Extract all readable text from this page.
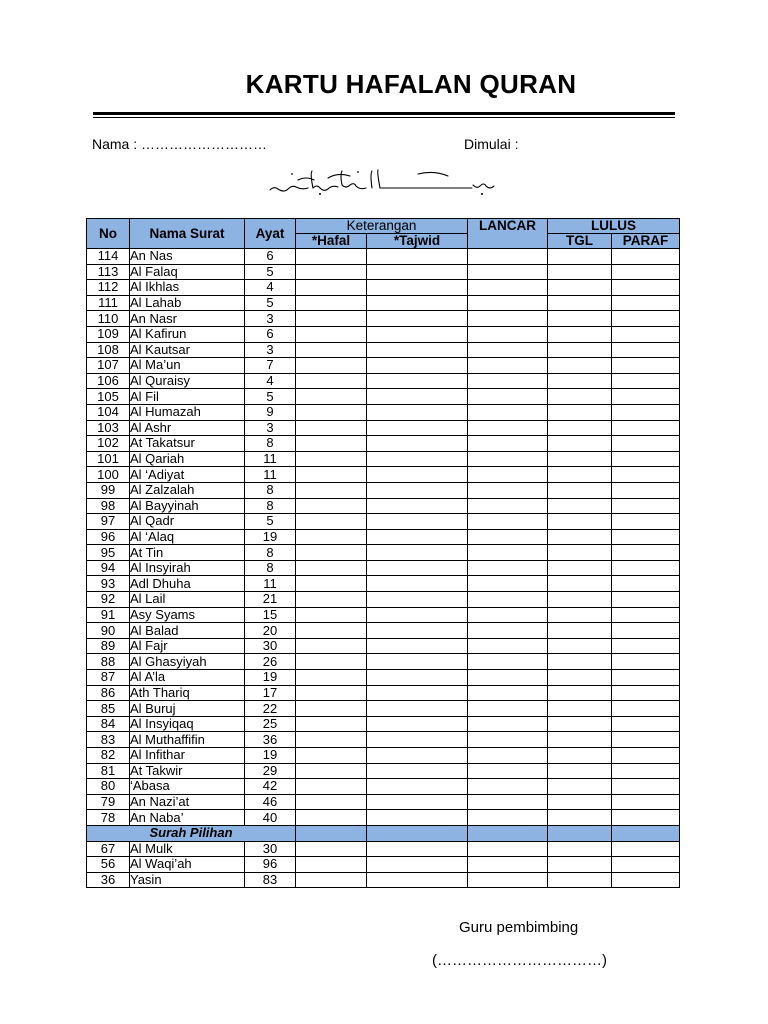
KARTU HAFALAN QURAN
Nama : ………………………	Dimulai :
No	Nama Surat	Ayat	Keterangan		LANCAR	LULUS	
			*Hafal	*Tajwid		TGL	PARAF
114	An Nas	6					
113	Al Falaq	5					
112	Al Ikhlas	4					
111	Al Lahab	5					
110	An Nasr	3					
109	Al Kafirun	6					
108	Al Kautsar	3					
107	Al Ma’un	7					
106	Al Quraisy	4					
105	Al Fil	5					
104	Al Humazah	9					
103	Al Ashr	3					
102	At Takatsur	8					
101	Al Qariah	11					
100	Al ‘Adiyat	11					
99	Al Zalzalah	8					
98	Al Bayyinah	8					
97	Al Qadr	5					
96	Al ‘Alaq	19					
95	At Tin	8					
94	Al Insyirah	8					
93	Adl Dhuha	11					
92	Al Lail	21					
91	Asy Syams	15					
90	Al Balad	20					
89	Al Fajr	30					
88	Al Ghasyiyah	26					
87	Al A’la	19					
86	Ath Thariq	17					
85	Al Buruj	22					
84	Al Insyiqaq	25					
83	Al Muthaffifin	36					
82	Al Infithar	19					
81	At Takwir	29					
80	‘Abasa	42					
79	An Nazi’at	46					
78	An Naba’	40					
Surah Pilihan							
67	Al Mulk	30					
56	Al Waqi’ah	96					
36	Yasin	83					
Guru pembimbing
(……………………………)
